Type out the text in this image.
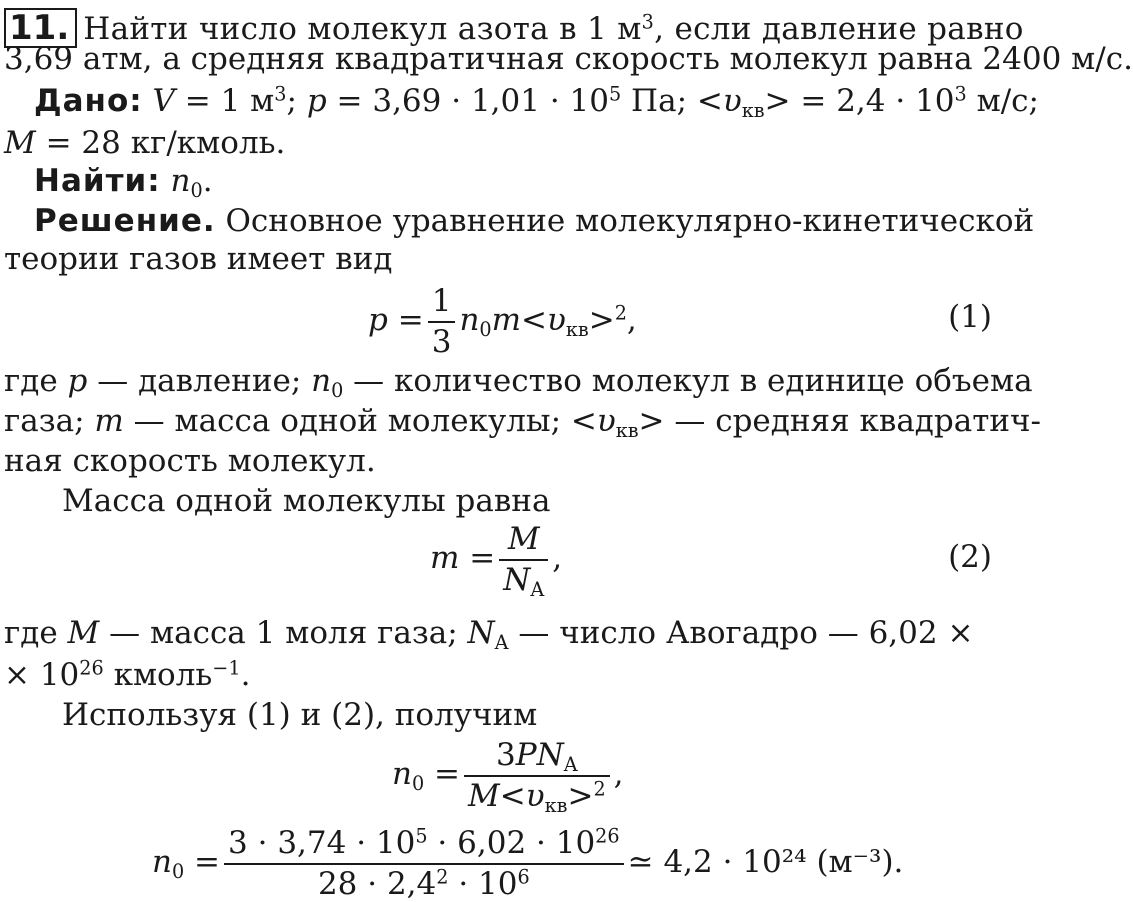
11. Найти число молекул азота в 1 $м^3$, если давление равно
3,69 атм, а средняя квадратичная скорость молекул равна 2400 м/с.
Дано: V = 1 $м^3$; $p = 3,69 \cdot 1,01 \cdot 10^5$ Па; $<\upsilon_{кв}> = 2,4 \cdot 10^3$ м/с;
M = 28 кг/кмоль.
Найти: $n_0$.
Решение. Основное уравнение молекулярно-кинетической
теории газов имеет вид
$p = \frac{1}{3} n_0m<\upsilon_{кв}>^2$,	(1)
где p — давление; $n_0$ — количество молекул в единице объема
газа; m — масса одной молекулы; $<\upsilon_{кв}>$ — средняя квадратич-
ная скорость молекул.
Масса одной молекулы равна
$m = \frac{M}{N_A}$ ,	(2)
где M — масса 1 моля газа; $N_A$ — число Авогадро — 6,02 ×
× $10^{26}$ кмоль$^{-1}$.
Используя (1) и (2), получим
$n_0 = \frac{3PN_A}{M<\upsilon_{кв}>^2}$ ,
$n_0 = \frac{3 \cdot 3,74 \cdot 10^5 \cdot 6,02 \cdot 10^{26}}{28 \cdot 2,4^2 \cdot 10^6}$ ≃ 4,2 · 10²⁴ (м⁻³).
